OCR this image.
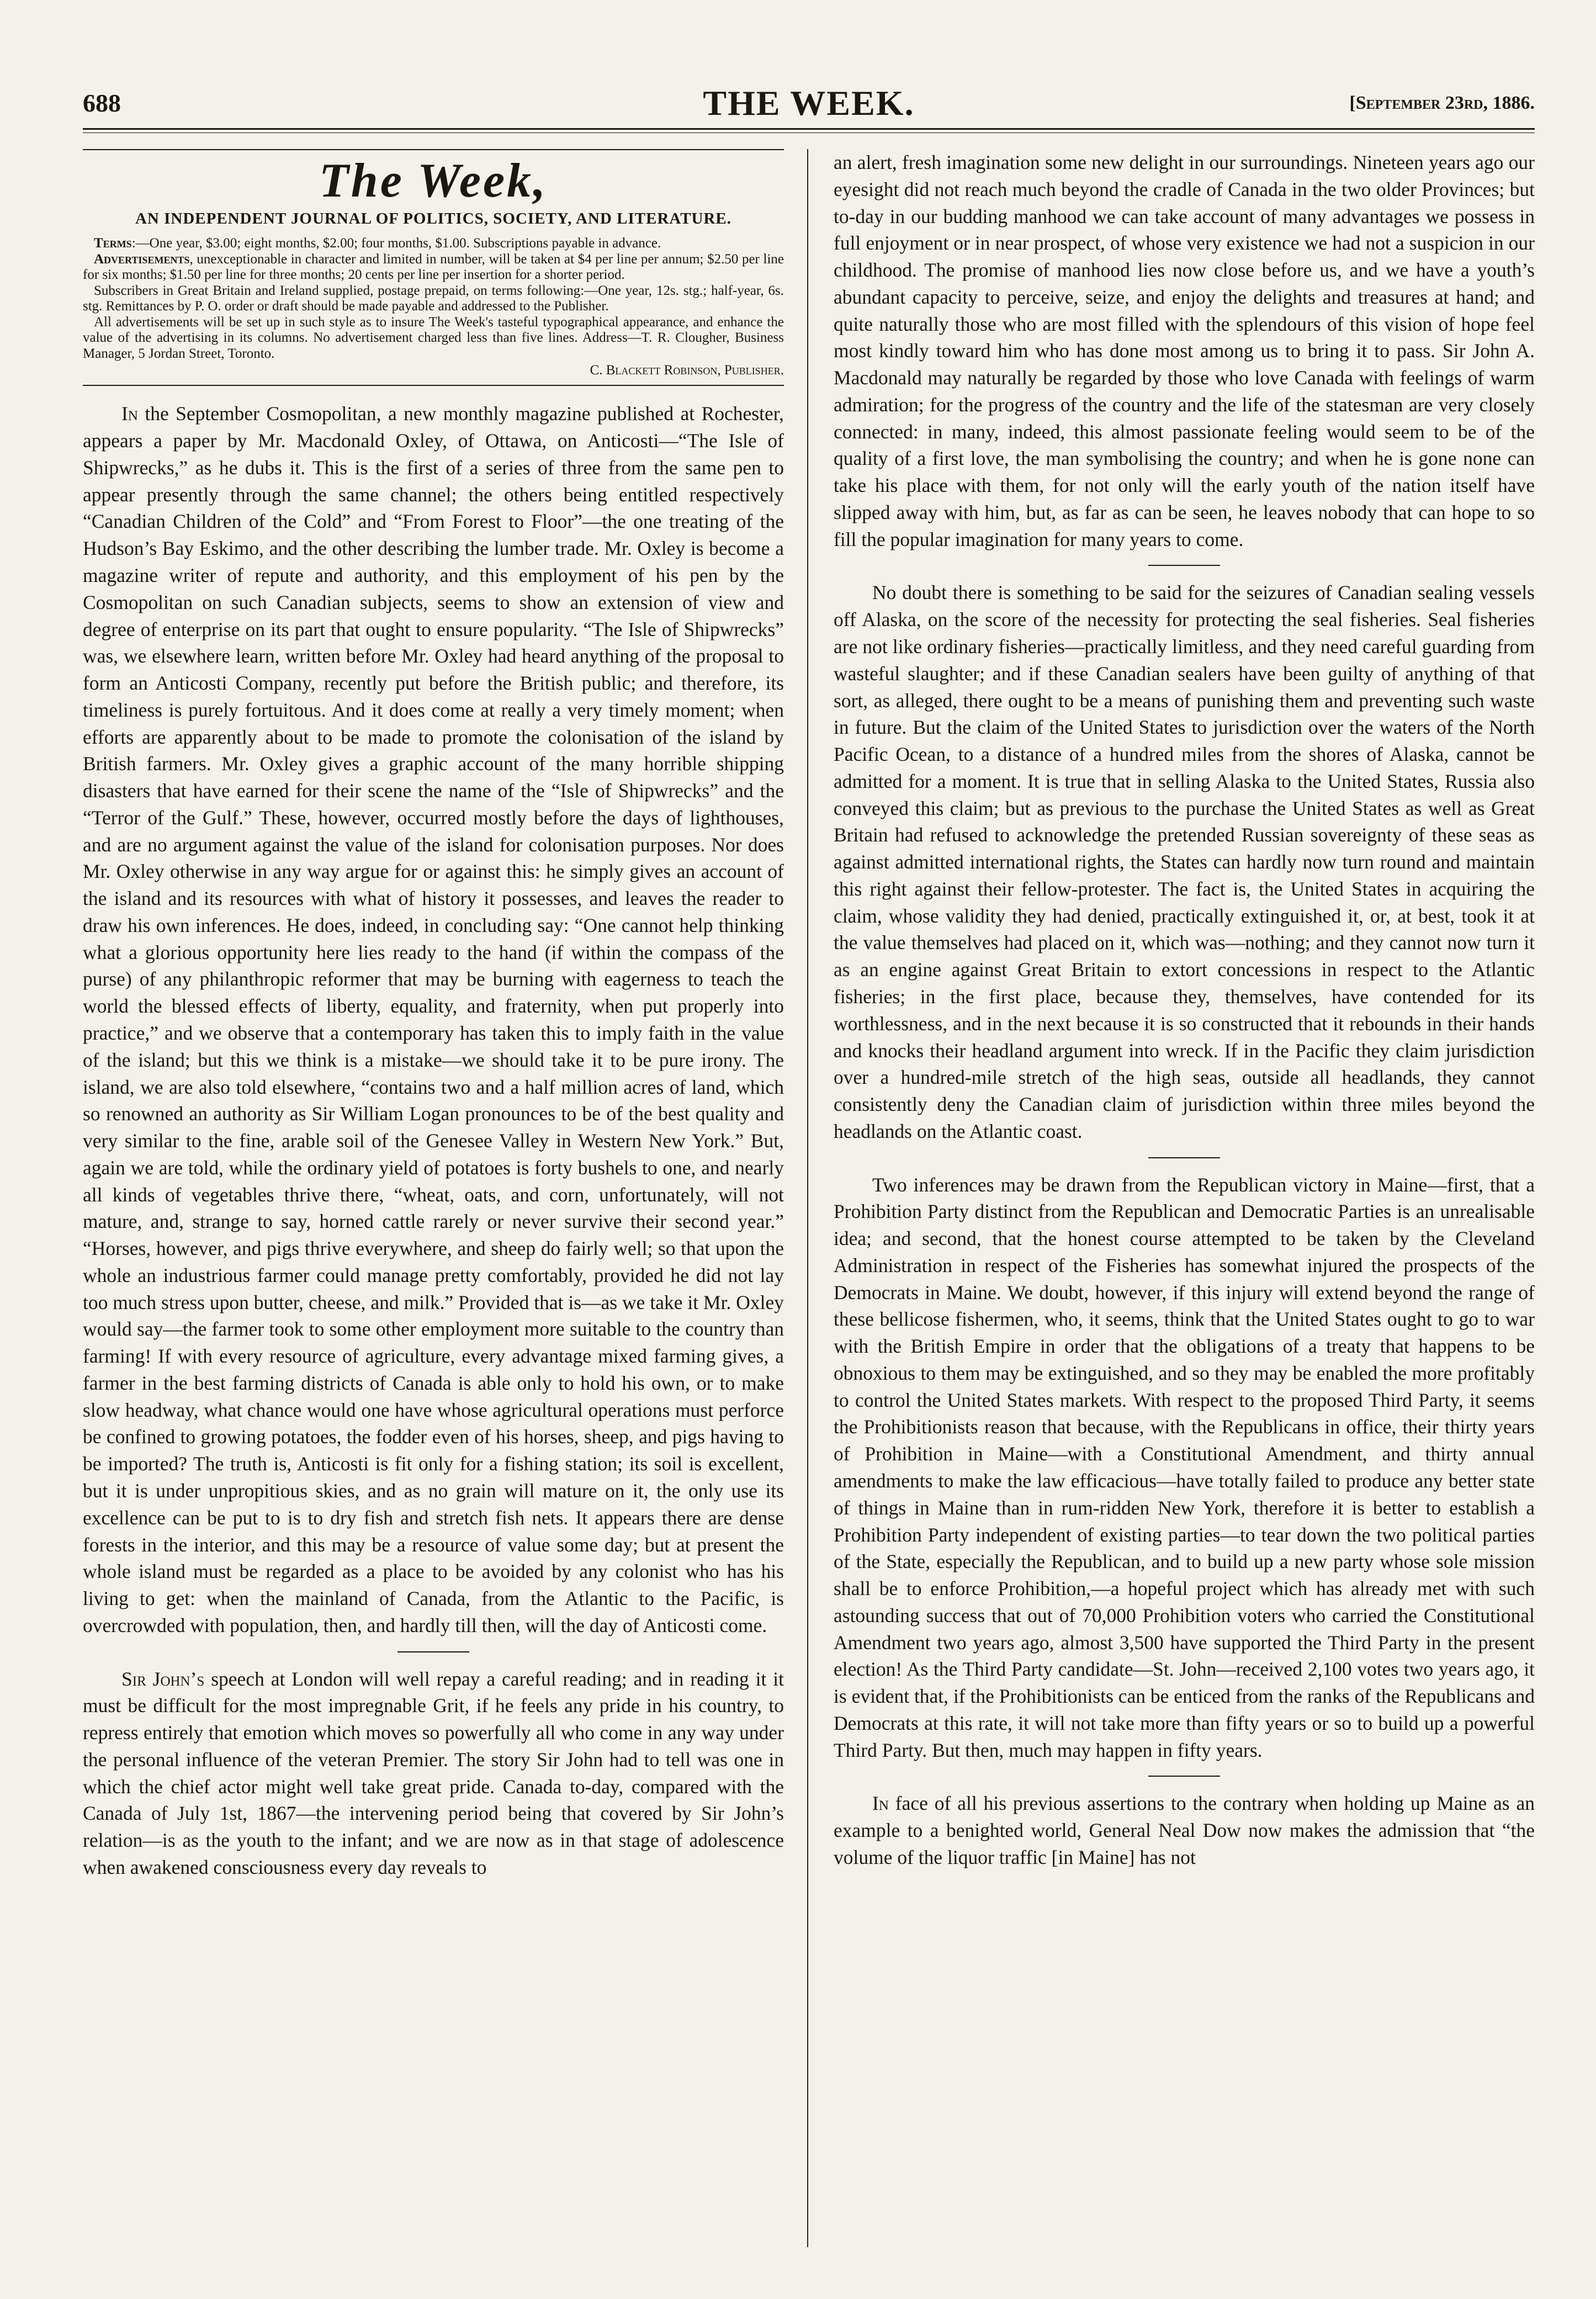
688	THE WEEK.	[September 23rd, 1886.
The Week,
AN INDEPENDENT JOURNAL OF POLITICS, SOCIETY, AND LITERATURE.

Terms:—One year, $3.00; eight months, $2.00; four months, $1.00. Subscriptions payable in advance.

Advertisements, unexceptionable in character and limited in number, will be taken at $4 per line per annum; $2.50 per line for six months; $1.50 per line for three months; 20 cents per line per insertion for a shorter period.

Subscribers in Great Britain and Ireland supplied, postage prepaid, on terms following:—One year, 12s. stg.; half-year, 6s. stg. Remittances by P. O. order or draft should be made payable and addressed to the Publisher.

All advertisements will be set up in such style as to insure The Week's tasteful typographical appearance, and enhance the value of the advertising in its columns. No advertisement charged less than five lines. Address—T. R. Clougher, Business Manager, 5 Jordan Street, Toronto.

C. Blackett Robinson, Publisher.

In the September Cosmopolitan, a new monthly magazine published at Rochester, appears a paper by Mr. Macdonald Oxley, of Ottawa, on Anticosti—“The Isle of Shipwrecks,” as he dubs it. This is the first of a series of three from the same pen to appear presently through the same channel; the others being entitled respectively “Canadian Children of the Cold” and “From Forest to Floor”—the one treating of the Hudson’s Bay Eskimo, and the other describing the lumber trade. Mr. Oxley is become a magazine writer of repute and authority, and this employment of his pen by the Cosmopolitan on such Canadian subjects, seems to show an extension of view and degree of enterprise on its part that ought to ensure popularity. “The Isle of Shipwrecks” was, we elsewhere learn, written before Mr. Oxley had heard anything of the proposal to form an Anticosti Company, recently put before the British public; and therefore, its timeliness is purely fortuitous. And it does come at really a very timely moment; when efforts are apparently about to be made to promote the colonisation of the island by British farmers. Mr. Oxley gives a graphic account of the many horrible shipping disasters that have earned for their scene the name of the “Isle of Shipwrecks” and the “Terror of the Gulf.” These, however, occurred mostly before the days of lighthouses, and are no argument against the value of the island for colonisation purposes. Nor does Mr. Oxley otherwise in any way argue for or against this: he simply gives an account of the island and its resources with what of history it possesses, and leaves the reader to draw his own inferences. He does, indeed, in concluding say: “One cannot help thinking what a glorious opportunity here lies ready to the hand (if within the compass of the purse) of any philanthropic reformer that may be burning with eagerness to teach the world the blessed effects of liberty, equality, and fraternity, when put properly into practice,” and we observe that a contemporary has taken this to imply faith in the value of the island; but this we think is a mistake—we should take it to be pure irony. The island, we are also told elsewhere, “contains two and a half million acres of land, which so renowned an authority as Sir William Logan pronounces to be of the best quality and very similar to the fine, arable soil of the Genesee Valley in Western New York.” But, again we are told, while the ordinary yield of potatoes is forty bushels to one, and nearly all kinds of vegetables thrive there, “wheat, oats, and corn, unfortunately, will not mature, and, strange to say, horned cattle rarely or never survive their second year.” “Horses, however, and pigs thrive everywhere, and sheep do fairly well; so that upon the whole an industrious farmer could manage pretty comfortably, provided he did not lay too much stress upon butter, cheese, and milk.” Provided that is—as we take it Mr. Oxley would say—the farmer took to some other employment more suitable to the country than farming! If with every resource of agriculture, every advantage mixed farming gives, a farmer in the best farming districts of Canada is able only to hold his own, or to make slow headway, what chance would one have whose agricultural operations must perforce be confined to growing potatoes, the fodder even of his horses, sheep, and pigs having to be imported? The truth is, Anticosti is fit only for a fishing station; its soil is excellent, but it is under unpropitious skies, and as no grain will mature on it, the only use its excellence can be put to is to dry fish and stretch fish nets. It appears there are dense forests in the interior, and this may be a resource of value some day; but at present the whole island must be regarded as a place to be avoided by any colonist who has his living to get: when the mainland of Canada, from the Atlantic to the Pacific, is overcrowded with population, then, and hardly till then, will the day of Anticosti come.

Sir John’s speech at London will well repay a careful reading; and in reading it it must be difficult for the most impregnable Grit, if he feels any pride in his country, to repress entirely that emotion which moves so powerfully all who come in any way under the personal influence of the veteran Premier. The story Sir John had to tell was one in which the chief actor might well take great pride. Canada to-day, compared with the Canada of July 1st, 1867—the intervening period being that covered by Sir John’s relation—is as the youth to the infant; and we are now as in that stage of adolescence when awakened consciousness every day reveals to

an alert, fresh imagination some new delight in our surroundings. Nineteen years ago our eyesight did not reach much beyond the cradle of Canada in the two older Provinces; but to-day in our budding manhood we can take account of many advantages we possess in full enjoyment or in near prospect, of whose very existence we had not a suspicion in our childhood. The promise of manhood lies now close before us, and we have a youth’s abundant capacity to perceive, seize, and enjoy the delights and treasures at hand; and quite naturally those who are most filled with the splendours of this vision of hope feel most kindly toward him who has done most among us to bring it to pass. Sir John A. Macdonald may naturally be regarded by those who love Canada with feelings of warm admiration; for the progress of the country and the life of the statesman are very closely connected: in many, indeed, this almost passionate feeling would seem to be of the quality of a first love, the man symbolising the country; and when he is gone none can take his place with them, for not only will the early youth of the nation itself have slipped away with him, but, as far as can be seen, he leaves nobody that can hope to so fill the popular imagination for many years to come.

No doubt there is something to be said for the seizures of Canadian sealing vessels off Alaska, on the score of the necessity for protecting the seal fisheries. Seal fisheries are not like ordinary fisheries—practically limitless, and they need careful guarding from wasteful slaughter; and if these Canadian sealers have been guilty of anything of that sort, as alleged, there ought to be a means of punishing them and preventing such waste in future. But the claim of the United States to jurisdiction over the waters of the North Pacific Ocean, to a distance of a hundred miles from the shores of Alaska, cannot be admitted for a moment. It is true that in selling Alaska to the United States, Russia also conveyed this claim; but as previous to the purchase the United States as well as Great Britain had refused to acknowledge the pretended Russian sovereignty of these seas as against admitted international rights, the States can hardly now turn round and maintain this right against their fellow-protester. The fact is, the United States in acquiring the claim, whose validity they had denied, practically extinguished it, or, at best, took it at the value themselves had placed on it, which was—nothing; and they cannot now turn it as an engine against Great Britain to extort concessions in respect to the Atlantic fisheries; in the first place, because they, themselves, have contended for its worthlessness, and in the next because it is so constructed that it rebounds in their hands and knocks their headland argument into wreck. If in the Pacific they claim jurisdiction over a hundred-mile stretch of the high seas, outside all headlands, they cannot consistently deny the Canadian claim of jurisdiction within three miles beyond the headlands on the Atlantic coast.

Two inferences may be drawn from the Republican victory in Maine—first, that a Prohibition Party distinct from the Republican and Democratic Parties is an unrealisable idea; and second, that the honest course attempted to be taken by the Cleveland Administration in respect of the Fisheries has somewhat injured the prospects of the Democrats in Maine. We doubt, however, if this injury will extend beyond the range of these bellicose fishermen, who, it seems, think that the United States ought to go to war with the British Empire in order that the obligations of a treaty that happens to be obnoxious to them may be extinguished, and so they may be enabled the more profitably to control the United States markets. With respect to the proposed Third Party, it seems the Prohibitionists reason that because, with the Republicans in office, their thirty years of Prohibition in Maine—with a Constitutional Amendment, and thirty annual amendments to make the law efficacious—have totally failed to produce any better state of things in Maine than in rum-ridden New York, therefore it is better to establish a Prohibition Party independent of existing parties—to tear down the two political parties of the State, especially the Republican, and to build up a new party whose sole mission shall be to enforce Prohibition,—a hopeful project which has already met with such astounding success that out of 70,000 Prohibition voters who carried the Constitutional Amendment two years ago, almost 3,500 have supported the Third Party in the present election! As the Third Party candidate—St. John—received 2,100 votes two years ago, it is evident that, if the Prohibitionists can be enticed from the ranks of the Republicans and Democrats at this rate, it will not take more than fifty years or so to build up a powerful Third Party. But then, much may happen in fifty years.

In face of all his previous assertions to the contrary when holding up Maine as an example to a benighted world, General Neal Dow now makes the admission that “the volume of the liquor traffic [in Maine] has not
